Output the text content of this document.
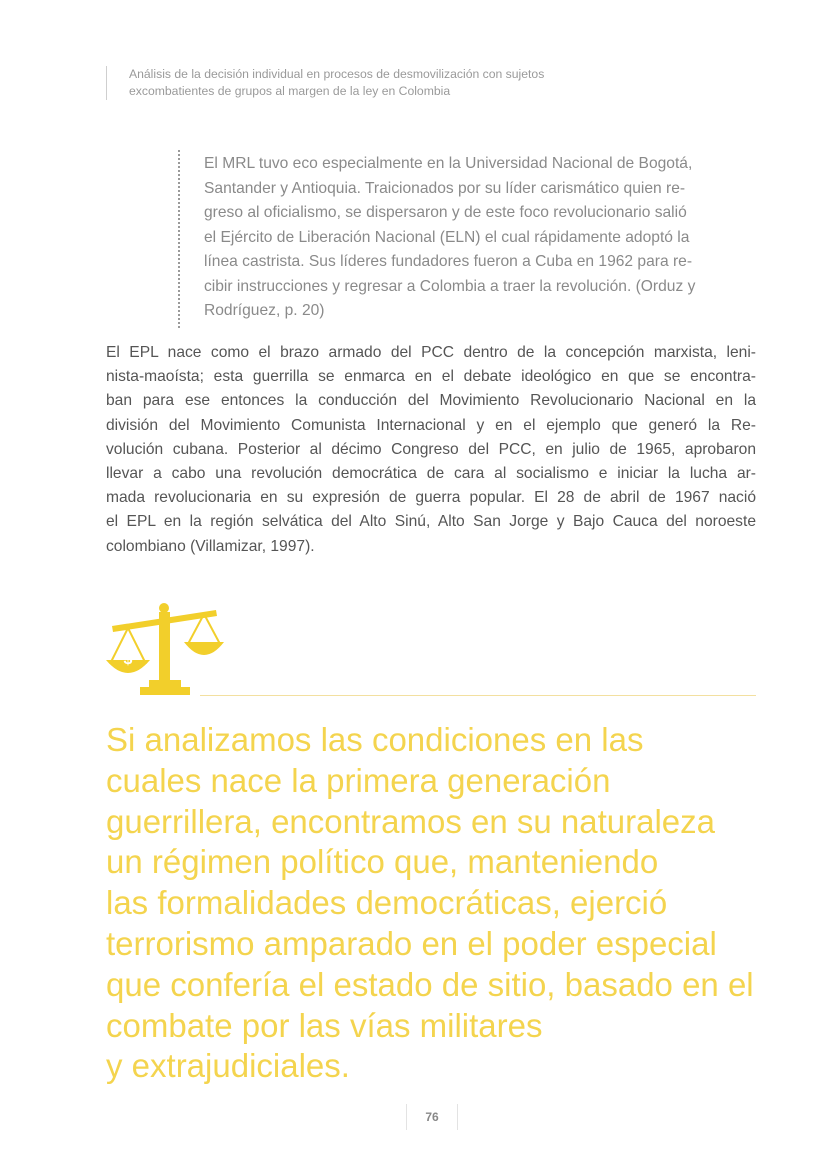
Análisis de la decisión individual en procesos de desmovilización con sujetos
excombatientes de grupos al margen de la ley en Colombia
El MRL tuvo eco especialmente en la Universidad Nacional de Bogotá,
Santander y Antioquia. Traicionados por su líder carismático quien re-
greso al oficialismo, se dispersaron y de este foco revolucionario salió
el Ejército de Liberación Nacional (ELN) el cual rápidamente adoptó la
línea castrista. Sus líderes fundadores fueron a Cuba en 1962 para re-
cibir instrucciones y regresar a Colombia a traer la revolución. (Orduz y
Rodríguez, p. 20)
El EPL nace como el brazo armado del PCC dentro de la concepción marxista, leni-
nista-maoísta; esta guerrilla se enmarca en el debate ideológico en que se encontra-
ban para ese entonces la conducción del Movimiento Revolucionario Nacional en la
división del Movimiento Comunista Internacional y en el ejemplo que generó la Re-
volución cubana. Posterior al décimo Congreso del PCC, en julio de 1965, aprobaron
llevar a cabo una revolución democrática de cara al socialismo e iniciar la lucha ar-
mada revolucionaria en su expresión de guerra popular. El 28 de abril de 1967 nació
el EPL en la región selvática del Alto Sinú, Alto San Jorge y Bajo Cauca del noroeste
colombiano (Villamizar, 1997).
$
Si analizamos las condiciones en las
cuales nace la primera generación
guerrillera, encontramos en su naturaleza
un régimen político que, manteniendo
las formalidades democráticas, ejerció
terrorismo amparado en el poder especial
que confería el estado de sitio, basado en el
combate por las vías militares
y extrajudiciales.
76
